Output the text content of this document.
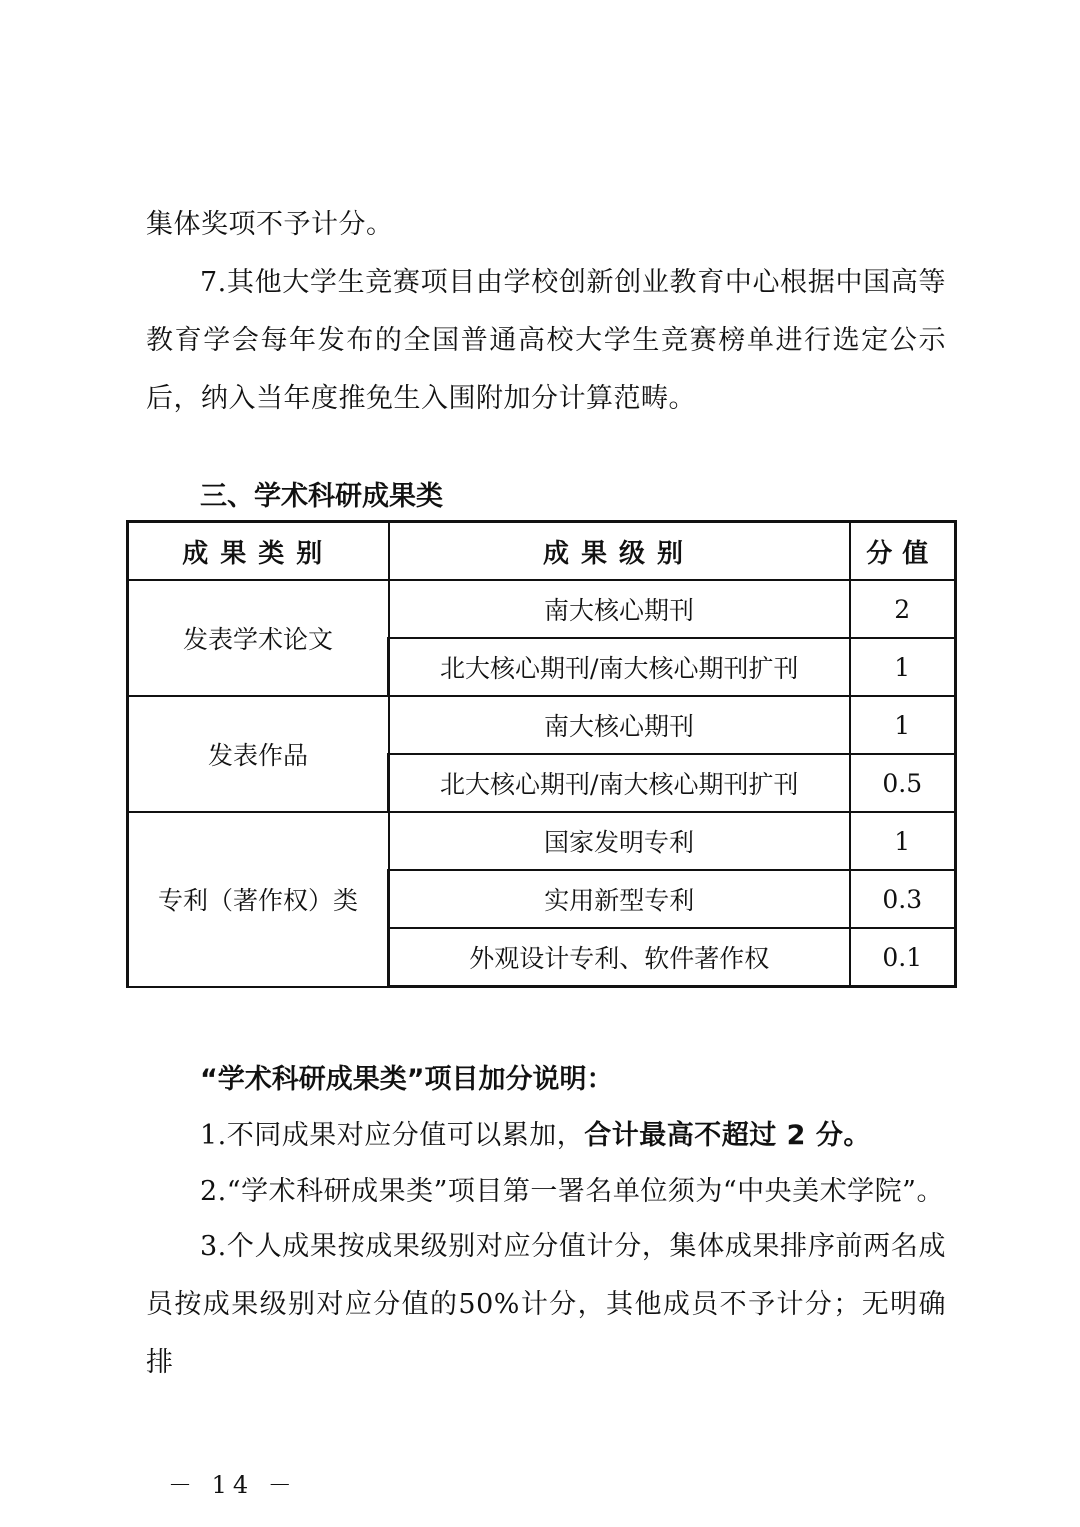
集体奖项不予计分。

7.其他大学生竞赛项目由学校创新创业教育中心根据中国高等教育学会每年发布的全国普通高校大学生竞赛榜单进行选定公示后，纳入当年度推免生入围附加分计算范畴。

三、学术科研成果类

成果类别	成果级别	分值
发表学术论文	南大核心期刊	2
	北大核心期刊/南大核心期刊扩刊	1
发表作品	南大核心期刊	1
	北大核心期刊/南大核心期刊扩刊	0.5
专利（著作权）类	国家发明专利	1
	实用新型专利	0.3
	外观设计专利、软件著作权	0.1

“学术科研成果类”项目加分说明：

1.不同成果对应分值可以累加，合计最高不超过 2 分。

2.“学术科研成果类”项目第一署名单位须为“中央美术学院”。

3.个人成果按成果级别对应分值计分，集体成果排序前两名成员按成果级别对应分值的50%计分，其他成员不予计分；无明确排

－ 14 －
